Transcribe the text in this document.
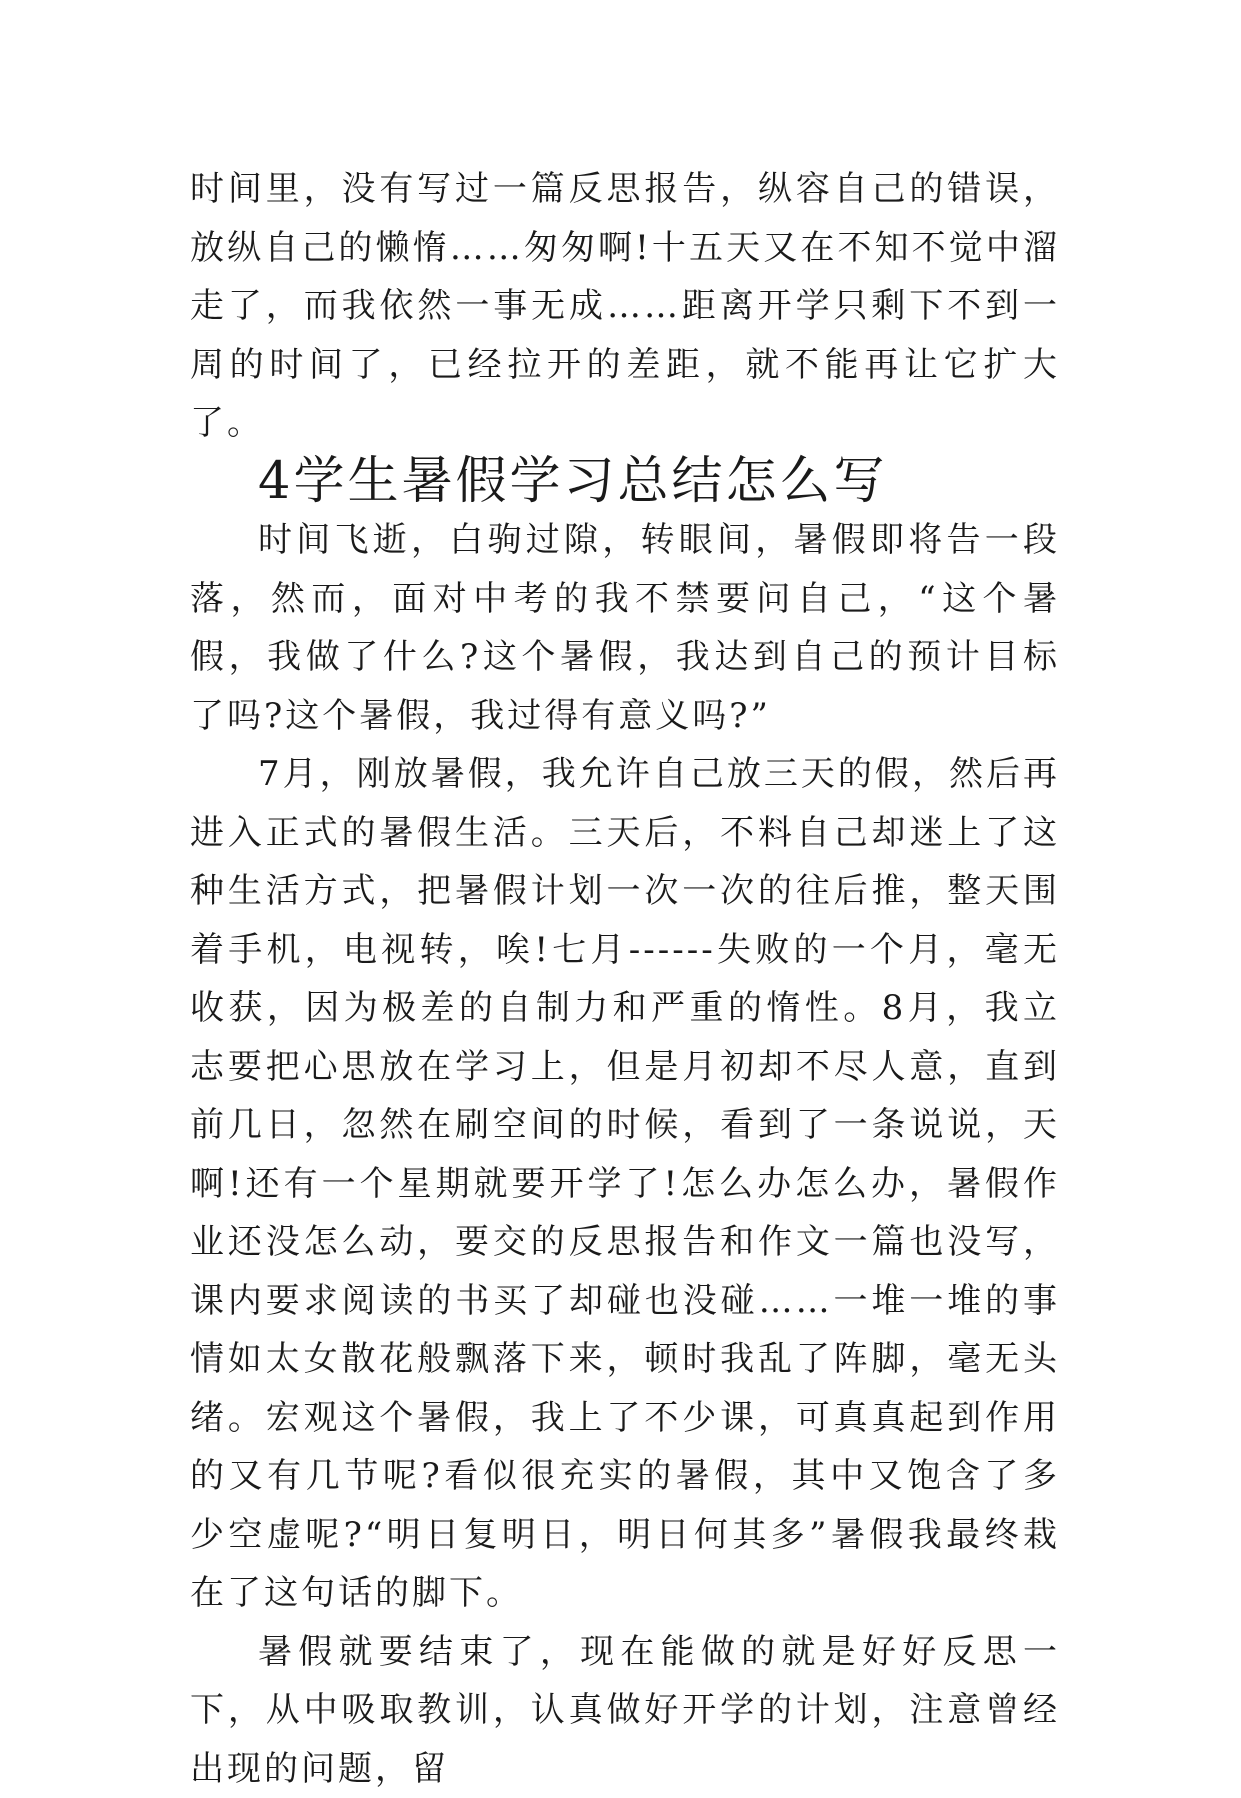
时间里，没有写过一篇反思报告，纵容自己的错误，放纵自己的懒惰……匆匆啊!十五天又在不知不觉中溜走了，而我依然一事无成……距离开学只剩下不到一周的时间了，已经拉开的差距，就不能再让它扩大了。

4学生暑假学习总结怎么写

时间飞逝，白驹过隙，转眼间，暑假即将告一段落，然而，面对中考的我不禁要问自己，“这个暑假，我做了什么?这个暑假，我达到自己的预计目标了吗?这个暑假，我过得有意义吗?”

7月，刚放暑假，我允许自己放三天的假，然后再进入正式的暑假生活。三天后，不料自己却迷上了这种生活方式，把暑假计划一次一次的往后推，整天围着手机，电视转，唉!七月------失败的一个月，毫无收获，因为极差的自制力和严重的惰性。8月，我立志要把心思放在学习上，但是月初却不尽人意，直到前几日，忽然在刷空间的时候，看到了一条说说，天啊!还有一个星期就要开学了!怎么办怎么办，暑假作业还没怎么动，要交的反思报告和作文一篇也没写，课内要求阅读的书买了却碰也没碰……一堆一堆的事情如太女散花般飘落下来，顿时我乱了阵脚，毫无头绪。宏观这个暑假，我上了不少课，可真真起到作用的又有几节呢?看似很充实的暑假，其中又饱含了多少空虚呢?“明日复明日，明日何其多”暑假我最终栽在了这句话的脚下。

暑假就要结束了，现在能做的就是好好反思一下，从中吸取教训，认真做好开学的计划，注意曾经出现的问题，留
